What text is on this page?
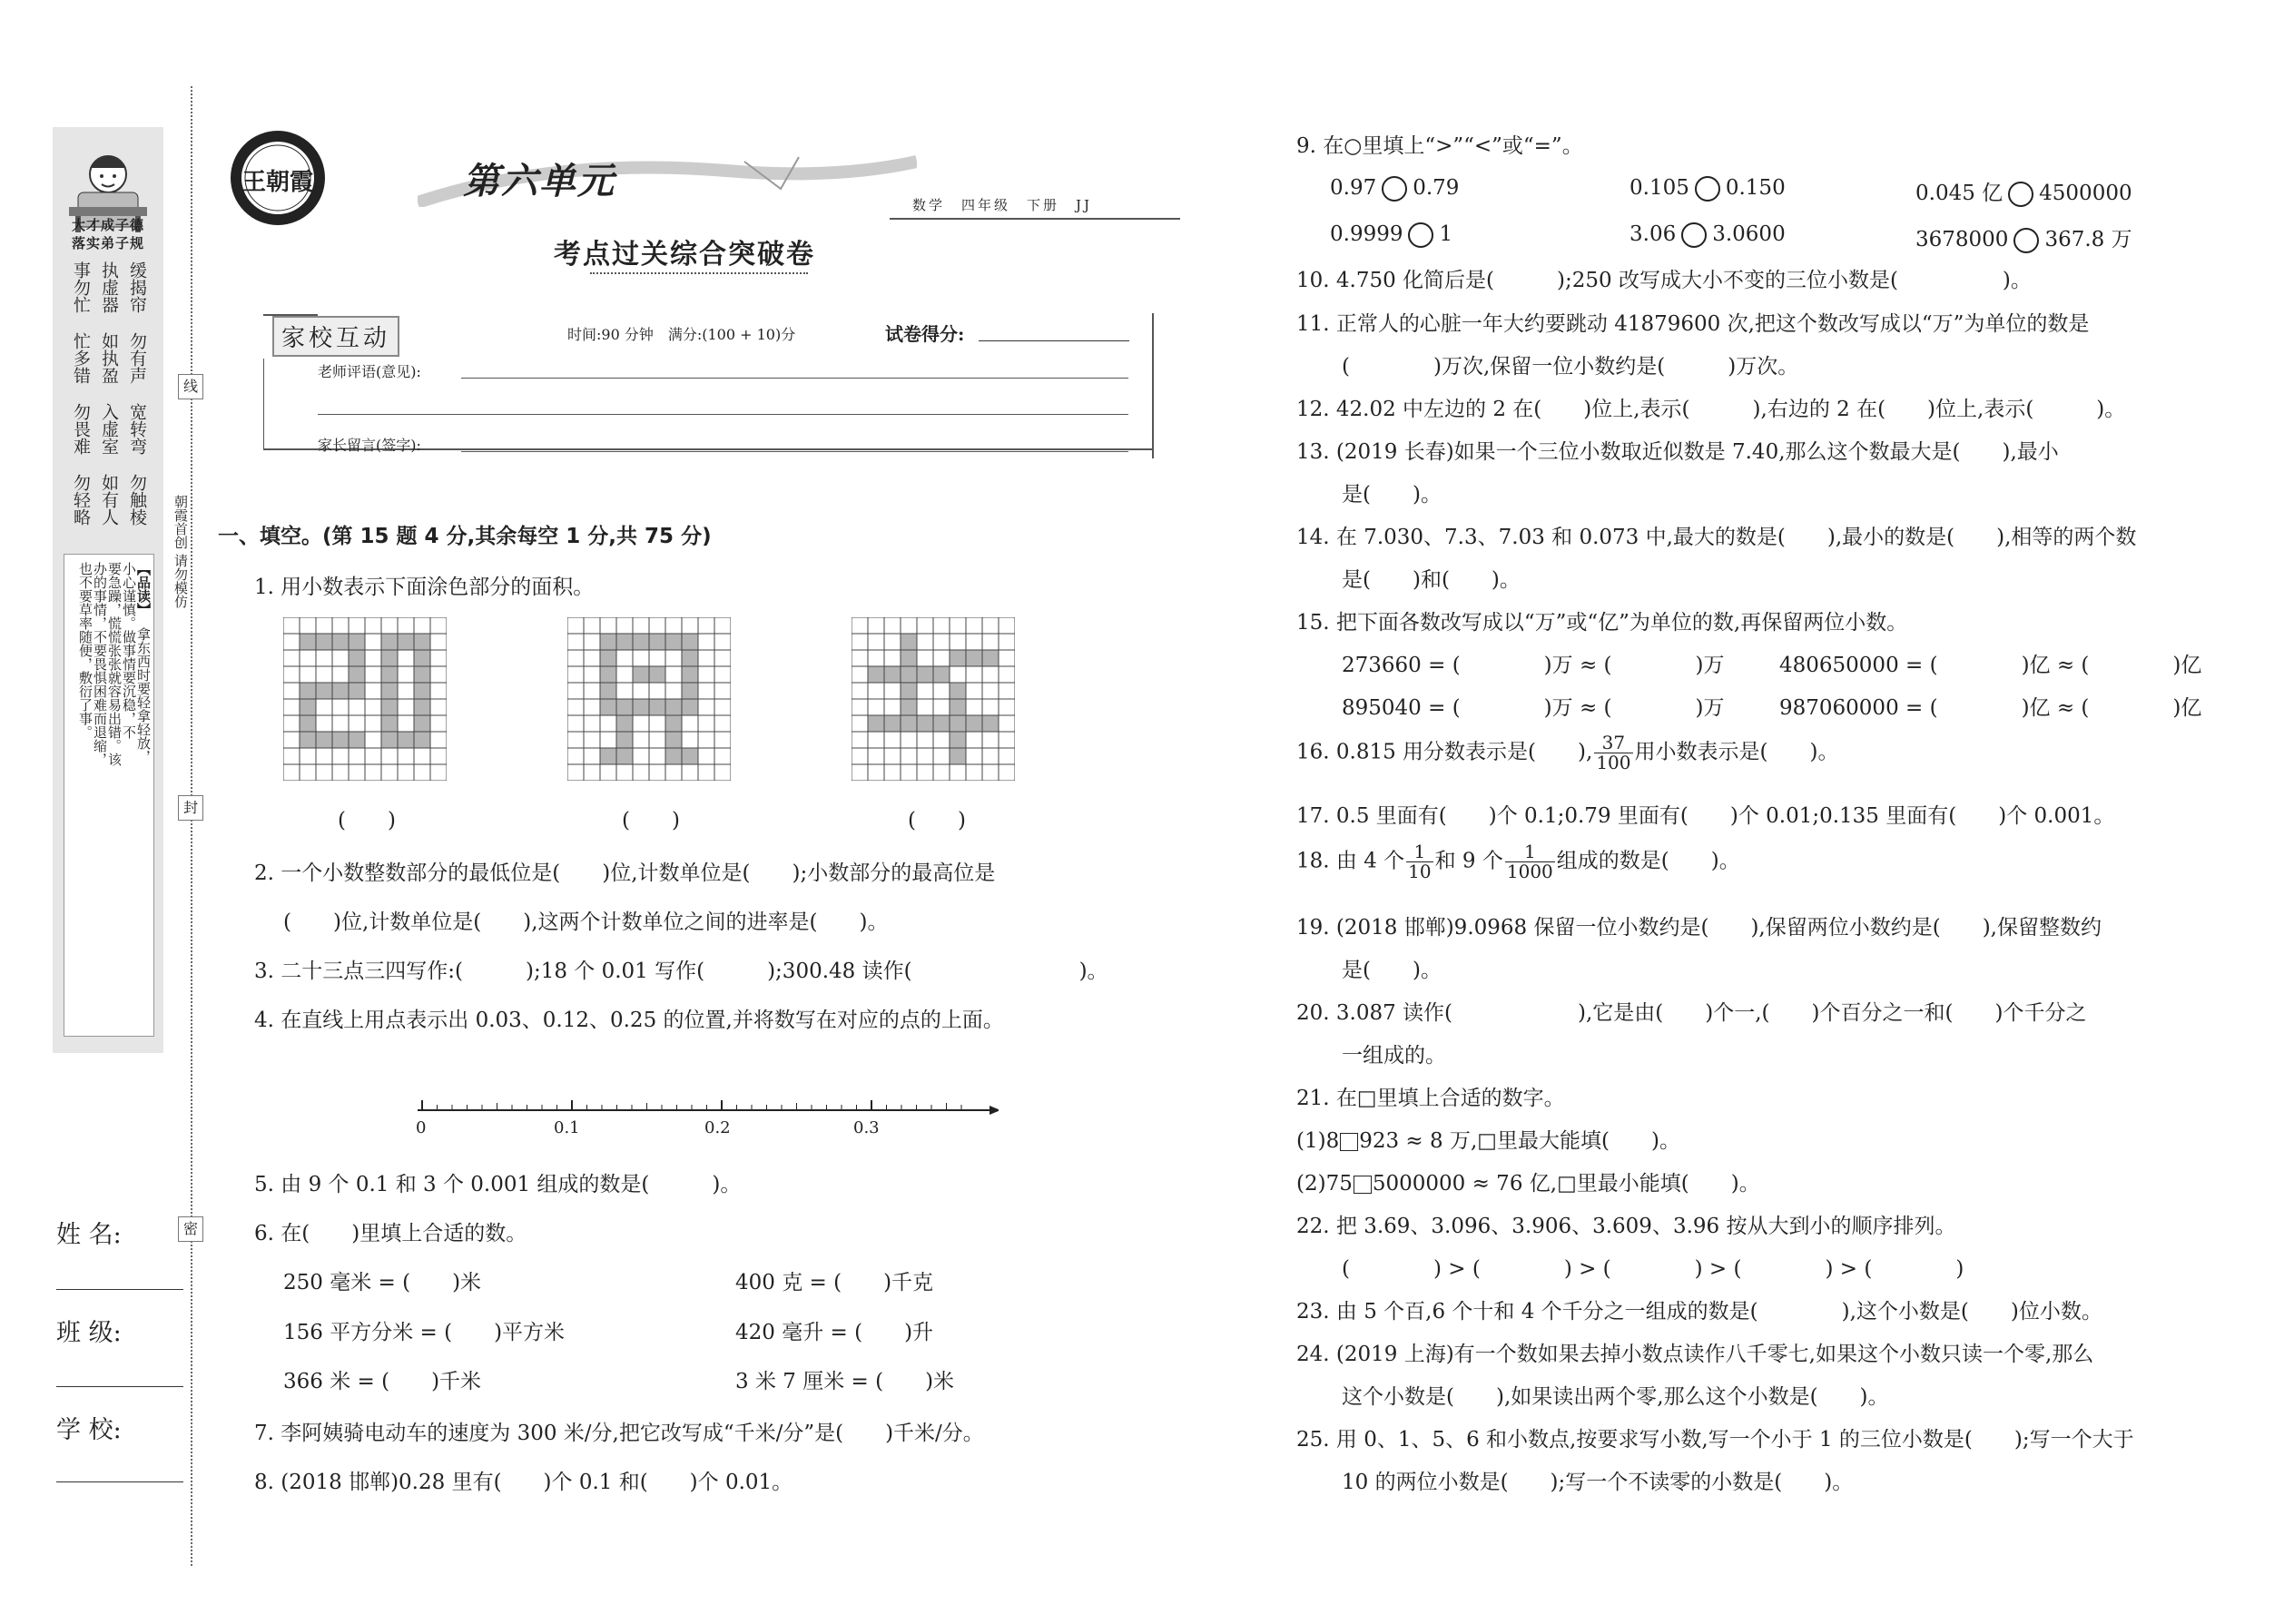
大才成子德
落实弟子规
事勿忙 缓揭帘
执虚器
忙多错 勿有声
如执盈
勿畏难 宽转弯
入虚室
勿轻略 勿触棱
如有人
【品读】
拿东西时要轻拿轻放，
小心谨慎。做事情要沉稳，不
要急躁，慌慌张张就容易出错。该
办的事情，不要畏惧困难而退缩，
也不要草率随便，敷衍了事。
线
封
密
朝霞首创 请勿模仿
姓 名:
班 级:
学 校:
王朝霞	第六单元
考点过关综合突破卷
数学　四年级　下册　JJ
家校互动	时间:90 分钟　满分:(100 + 10)分	试卷得分:
老师评语(意见):
家长留言(签字):
一、填空。(第 15 题 4 分,其余每空 1 分,共 75 分)
1. 用小数表示下面涂色部分的面积。
(　　)	(　　)	(　　)
2. 一个小数整数部分的最低位是(　　)位,计数单位是(　　);小数部分的最高位是
(　　)位,计数单位是(　　),这两个计数单位之间的进率是(　　)。
3. 二十三点三四写作:(　　　);18 个 0.01 写作(　　　);300.48 读作(　　　　　　　　)。
4. 在直线上用点表示出 0.03、0.12、0.25 的位置,并将数写在对应的点的上面。
0	0.1	0.2	0.3
5. 由 9 个 0.1 和 3 个 0.001 组成的数是(　　　)。
6. 在(　　)里填上合适的数。
250 毫米 = (　　)米	400 克 = (　　)千克
156 平方分米 = (　　)平方米	420 毫升 = (　　)升
366 米 = (　　)千米	3 米 7 厘米 = (　　)米
7. 李阿姨骑电动车的速度为 300 米/分,把它改写成“千米/分”是(　　)千米/分。
8. (2018 邯郸)0.28 里有(　　)个 0.1 和(　　)个 0.01。
9. 在○里填上“>”“<”或“=”。
0.97 0.79	0.105 0.150	0.045 亿 4500000
0.9999 1	3.06 3.0600	3678000 367.8 万
10. 4.750 化简后是(　　　);250 改写成大小不变的三位小数是(　　　　　)。
11. 正常人的心脏一年大约要跳动 41879600 次,把这个数改写成以“万”为单位的数是
(　　　　)万次,保留一位小数约是(　　　)万次。
12. 42.02 中左边的 2 在(　　)位上,表示(　　　),右边的 2 在(　　)位上,表示(　　　)。
13. (2019 长春)如果一个三位小数取近似数是 7.40,那么这个数最大是(　　),最小
是(　　)。
14. 在 7.030、7.3、7.03 和 0.073 中,最大的数是(　　),最小的数是(　　),相等的两个数
是(　　)和(　　)。
15. 把下面各数改写成以“万”或“亿”为单位的数,再保留两位小数。
273660 = (　　　　)万 ≈ (　　　　)万	480650000 = (　　　　)亿 ≈ (　　　　)亿
895040 = (　　　　)万 ≈ (　　　　)万	987060000 = (　　　　)亿 ≈ (　　　　)亿
16. 0.815 用分数表示是(　　), $\frac{37}{100}$ 用小数表示是(　　)。
17. 0.5 里面有(　　)个 0.1;0.79 里面有(　　)个 0.01;0.135 里面有(　　)个 0.001。
18. 由 4 个 $\frac{1}{10}$ 和 9 个 $\frac{1}{1000}$ 组成的数是(　　)。
19. (2018 邯郸)9.0968 保留一位小数约是(　　),保留两位小数约是(　　),保留整数约
是(　　)。
20. 3.087 读作(　　　　　　),它是由(　　)个一,(　　)个百分之一和(　　)个千分之
一组成的。
21. 在□里填上合适的数字。
(1)8 923 ≈ 8 万,□里最大能填(　　)。
(2)75 5000000 ≈ 76 亿,□里最小能填(　　)。
22. 把 3.69、3.096、3.906、3.609、3.96 按从大到小的顺序排列。
(　　　　) > (　　　　) > (　　　　) > (　　　　) > (　　　　)
23. 由 5 个百,6 个十和 4 个千分之一组成的数是(　　　　),这个小数是(　　)位小数。
24. (2019 上海)有一个数如果去掉小数点读作八千零七,如果这个小数只读一个零,那么
这个小数是(　　),如果读出两个零,那么这个小数是(　　)。
25. 用 0、1、5、6 和小数点,按要求写小数,写一个小于 1 的三位小数是(　　);写一个大于
10 的两位小数是(　　);写一个不读零的小数是(　　)。
